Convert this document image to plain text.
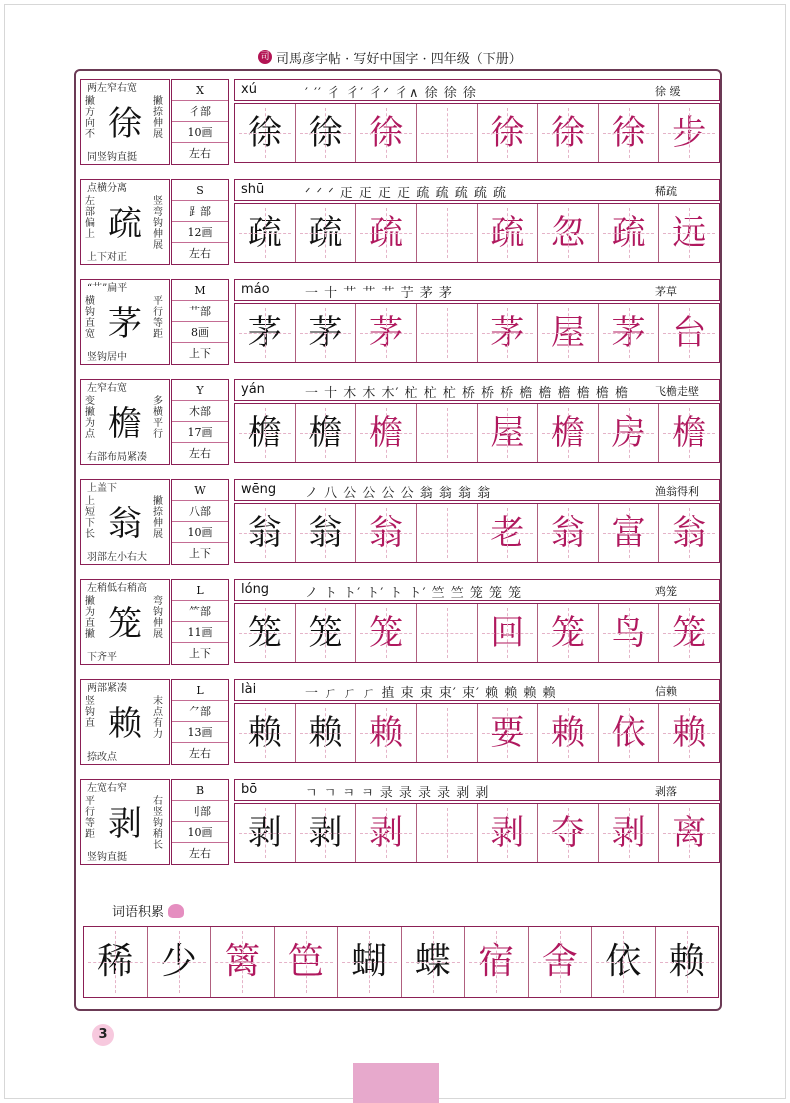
司 司馬彦字帖 · 写好中国字 · 四年级（下册）
两左窄右宽
撇方向不 徐
撇捺伸展
同竖钩直挺
X
彳部
10画
左右
xú	′ ′′ 彳 彳′ 彳ᐟ 彳∧ 徐 徐 徐	徐 缓
徐 徐 徐	徐 徐 徐 步
点横分离
左部偏上 疏
竖弯钩伸展
上下对正
S
⻊部
12画
左右
shū	ᐟ ᐟ ᐟ 𤴓 𤴓 𤴓 𤴓 疏 疏 疏 疏 疏	稀疏
疏 疏 疏	疏 忽 疏 远
“艹”扁平
横钩直宽 茅
平行等距
竖钩居中
M
艹部
8画
上下
máo	一 十 艹 艹 艹 艼 茅 茅	茅草
茅 茅 茅	茅 屋 茅 台
左窄右宽
变撇为点 檐
多横平行
右部布局紧凑
Y
木部
17画
左右
yán	一 十 木 木 木′ 杧 杧 杧 桥 桥 桥 檐 檐 檐 檐 檐 檐 飞檐走壁
檐 檐 檐	屋 檐 房 檐
上盖下
上短下长 翁
撇捺伸展
羽部左小右大
W
八部
10画
上下
wēng ノ 八 公 公 公 公 翁 翁 翁 翁	渔翁得利
翁 翁 翁	老 翁 富 翁
左稍低右稍高
撇为直撇 笼
弯钩伸展
下齐平
L
⺮部
11画
上下
lóng	ノ ト ト′ ト′ ト ト′ 竺 竺 笼 笼 笼	鸡笼
笼 笼 笼	回 笼 鸟 笼
两部紧凑
竖钩直 赖
末点有力
捺改点
L
⺈部
13画
左右
lài	一 ㄏ ㄏ ㄏ 㨁 束 束 束′ 束′ 赖 赖 赖 赖	信赖
赖 赖 赖	要 赖 依 赖
左宽右窄
平行等距 剥
右竖钩稍长
竖钩直挺
B
刂部
10画
左右
bō	ㄱ ㄱ ㅋ ㅋ 录 录 录 录 剥 剥	剥落
剥 剥 剥	剥 夺 剥 离
词语积累
稀 少 篱 笆 蝴 蝶 宿 舍 依 赖
3
